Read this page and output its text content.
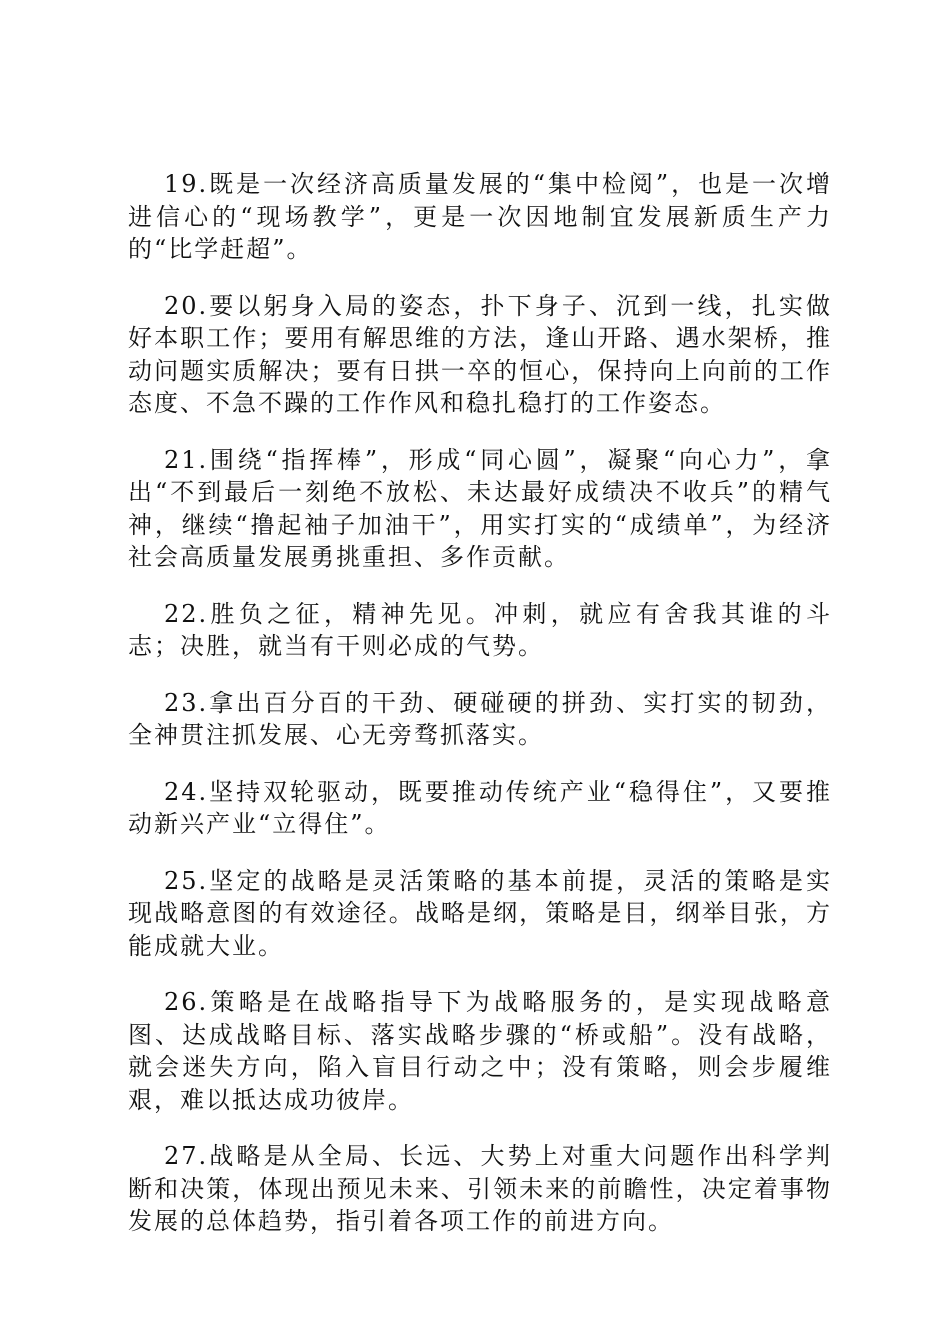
19.既是一次经济高质量发展的“集中检阅”，也是一次增进信心的“现场教学”，更是一次因地制宜发展新质生产力的“比学赶超”。

20.要以躬身入局的姿态，扑下身子、沉到一线，扎实做好本职工作；要用有解思维的方法，逢山开路、遇水架桥，推动问题实质解决；要有日拱一卒的恒心，保持向上向前的工作态度、不急不躁的工作作风和稳扎稳打的工作姿态。

21.围绕“指挥棒”，形成“同心圆”，凝聚“向心力”，拿出“不到最后一刻绝不放松、未达最好成绩决不收兵”的精气神，继续“撸起袖子加油干”，用实打实的“成绩单”，为经济社会高质量发展勇挑重担、多作贡献。

22.胜负之征，精神先见。冲刺，就应有舍我其谁的斗志；决胜，就当有干则必成的气势。

23.拿出百分百的干劲、硬碰硬的拼劲、实打实的韧劲，全神贯注抓发展、心无旁骛抓落实。

24.坚持双轮驱动，既要推动传统产业“稳得住”，又要推动新兴产业“立得住”。

25.坚定的战略是灵活策略的基本前提，灵活的策略是实现战略意图的有效途径。战略是纲，策略是目，纲举目张，方能成就大业。

26.策略是在战略指导下为战略服务的，是实现战略意图、达成战略目标、落实战略步骤的“桥或船”。没有战略，就会迷失方向，陷入盲目行动之中；没有策略，则会步履维艰，难以抵达成功彼岸。

27.战略是从全局、长远、大势上对重大问题作出科学判断和决策，体现出预见未来、引领未来的前瞻性，决定着事物发展的总体趋势，指引着各项工作的前进方向。
